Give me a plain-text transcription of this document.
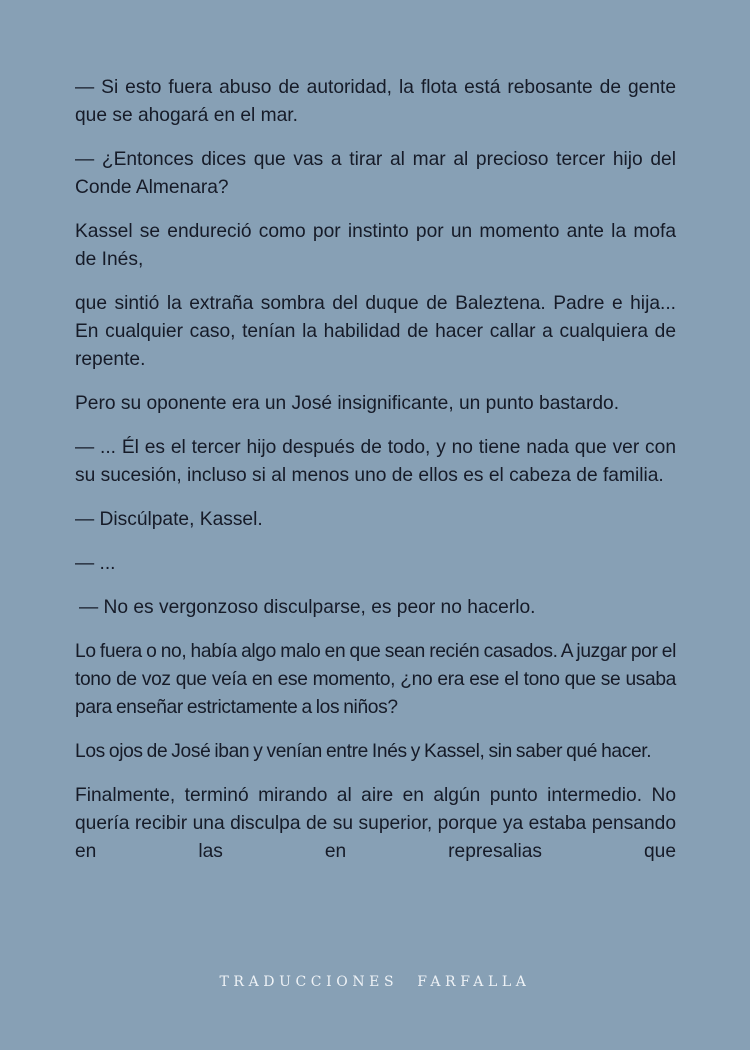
— Si esto fuera abuso de autoridad, la flota está rebosante de gente que se ahogará en el mar.

— ¿Entonces dices que vas a tirar al mar al precioso tercer hijo del Conde Almenara?

Kassel se endureció como por instinto por un momento ante la mofa de Inés,

que sintió la extraña sombra del duque de Baleztena. Padre e hija... En cualquier caso, tenían la habilidad de hacer callar a cualquiera de repente.

Pero su oponente era un José insignificante, un punto bastardo.

— ... Él es el tercer hijo después de todo, y no tiene nada que ver con su sucesión, incluso si al menos uno de ellos es el cabeza de familia.

— Discúlpate, Kassel.

— ...

— No es vergonzoso disculparse, es peor no hacerlo.

Lo fuera o no, había algo malo en que sean recién casados. A juzgar por el tono de voz que veía en ese momento, ¿no era ese el tono que se usaba para enseñar estrictamente a los niños?

Los ojos de José iban y venían entre Inés y Kassel, sin saber qué hacer.

Finalmente, terminó mirando al aire en algún punto intermedio. No quería recibir una disculpa de su superior, porque ya estaba pensando en las en represalias que

TRADUCCIONES FARFALLA
